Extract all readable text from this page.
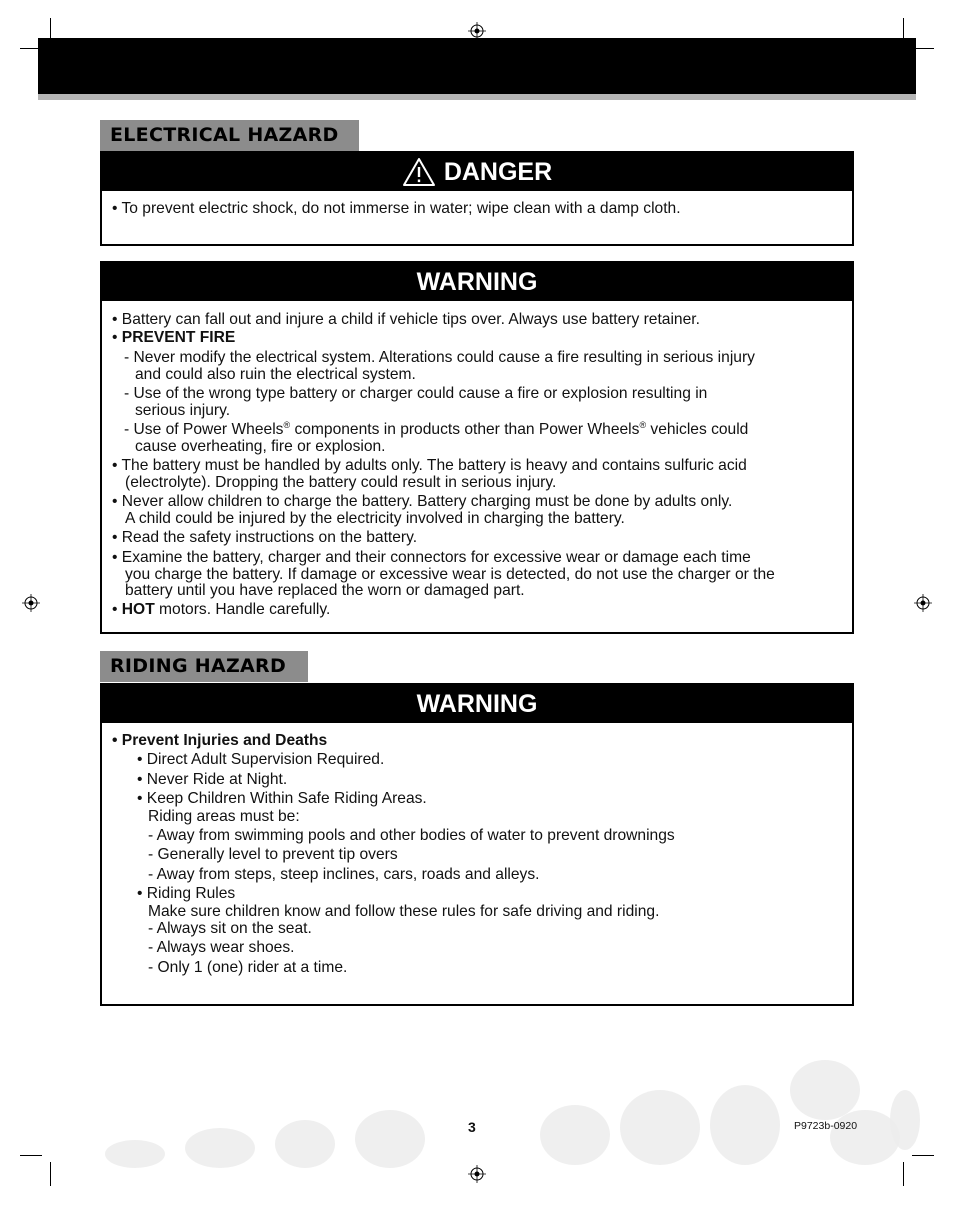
ELECTRICAL HAZARD
DANGER
• To prevent electric shock, do not immerse in water; wipe clean with a damp cloth.
WARNING
• Battery can fall out and injure a child if vehicle tips over. Always use battery retainer.
• PREVENT FIRE
- Never modify the electrical system. Alterations could cause a fire resulting in serious injury
and could also ruin the electrical system.
- Use of the wrong type battery or charger could cause a fire or explosion resulting in
serious injury.
- Use of Power Wheels® components in products other than Power Wheels® vehicles could
cause overheating, fire or explosion.
• The battery must be handled by adults only. The battery is heavy and contains sulfuric acid
(electrolyte). Dropping the battery could result in serious injury.
• Never allow children to charge the battery. Battery charging must be done by adults only.
A child could be injured by the electricity involved in charging the battery.
• Read the safety instructions on the battery.
• Examine the battery, charger and their connectors for excessive wear or damage each time
you charge the battery. If damage or excessive wear is detected, do not use the charger or the
battery until you have replaced the worn or damaged part.
• HOT motors. Handle carefully.
RIDING HAZARD
WARNING
• Prevent Injuries and Deaths
• Direct Adult Supervision Required.
• Never Ride at Night.
• Keep Children Within Safe Riding Areas.
Riding areas must be:
- Away from swimming pools and other bodies of water to prevent drownings
- Generally level to prevent tip overs
- Away from steps, steep inclines, cars, roads and alleys.
• Riding Rules
Make sure children know and follow these rules for safe driving and riding.
- Always sit on the seat.
- Always wear shoes.
- Only 1 (one) rider at a time.
3	P9723b-0920
